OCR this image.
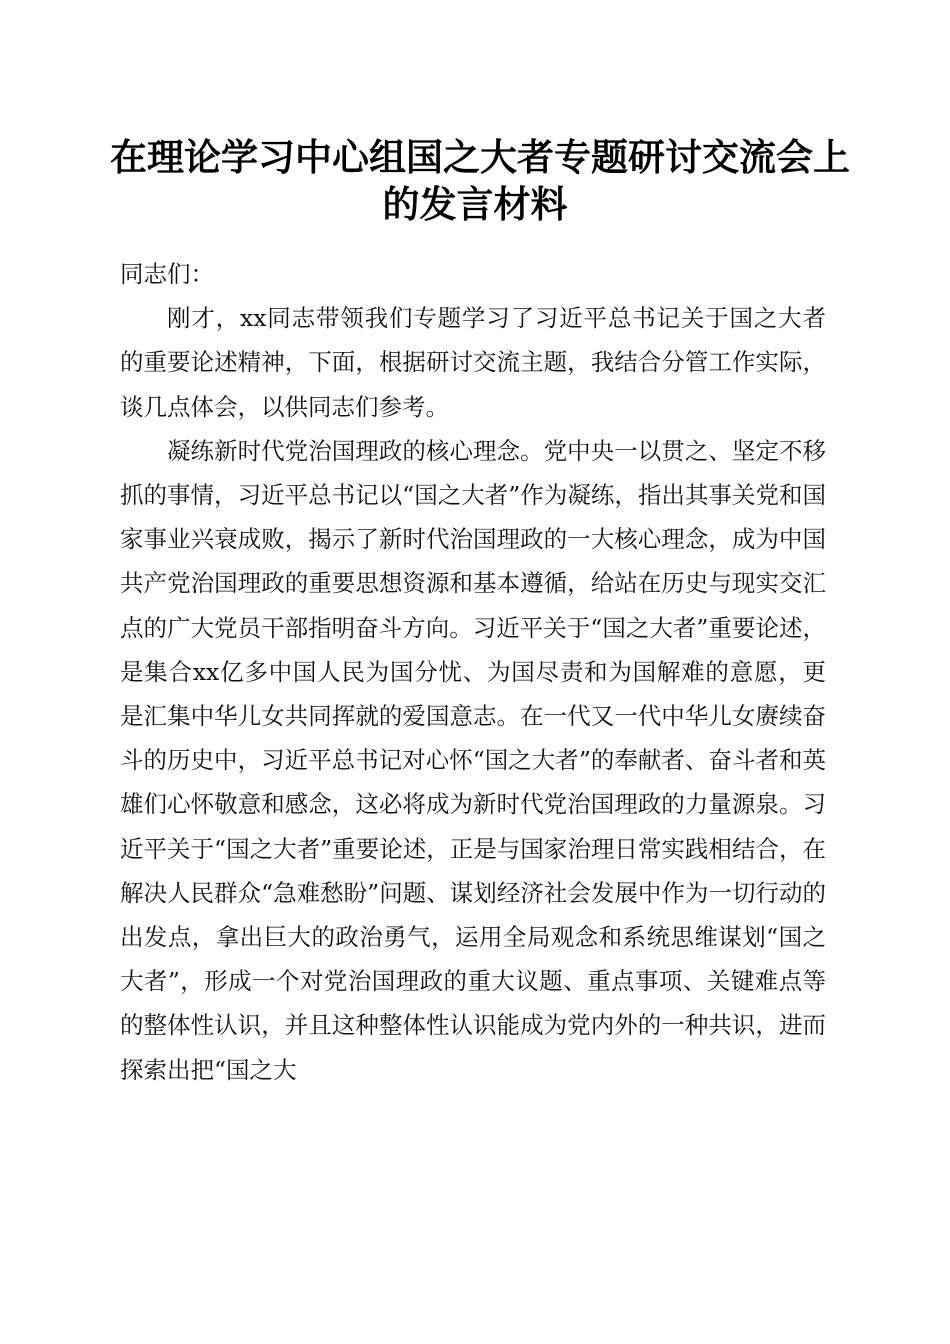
在理论学习中心组国之大者专题研讨交流会上
的发言材料

同志们：

刚才，xx同志带领我们专题学习了习近平总书记关于国之大者的重要论述精神，下面，根据研讨交流主题，我结合分管工作实际，谈几点体会，以供同志们参考。

凝练新时代党治国理政的核心理念。党中央一以贯之、坚定不移抓的事情，习近平总书记以“国之大者”作为凝练，指出其事关党和国家事业兴衰成败，揭示了新时代治国理政的一大核心理念，成为中国共产党治国理政的重要思想资源和基本遵循，给站在历史与现实交汇点的广大党员干部指明奋斗方向。习近平关于“国之大者”重要论述，是集合xx亿多中国人民为国分忧、为国尽责和为国解难的意愿，更是汇集中华儿女共同挥就的爱国意志。在一代又一代中华儿女赓续奋斗的历史中，习近平总书记对心怀“国之大者”的奉献者、奋斗者和英雄们心怀敬意和感念，这必将成为新时代党治国理政的力量源泉。习近平关于“国之大者”重要论述，正是与国家治理日常实践相结合，在解决人民群众“急难愁盼”问题、谋划经济社会发展中作为一切行动的出发点，拿出巨大的政治勇气，运用全局观念和系统思维谋划“国之大者”，形成一个对党治国理政的重大议题、重点事项、关键难点等的整体性认识，并且这种整体性认识能成为党内外的一种共识，进而探索出把“国之大
